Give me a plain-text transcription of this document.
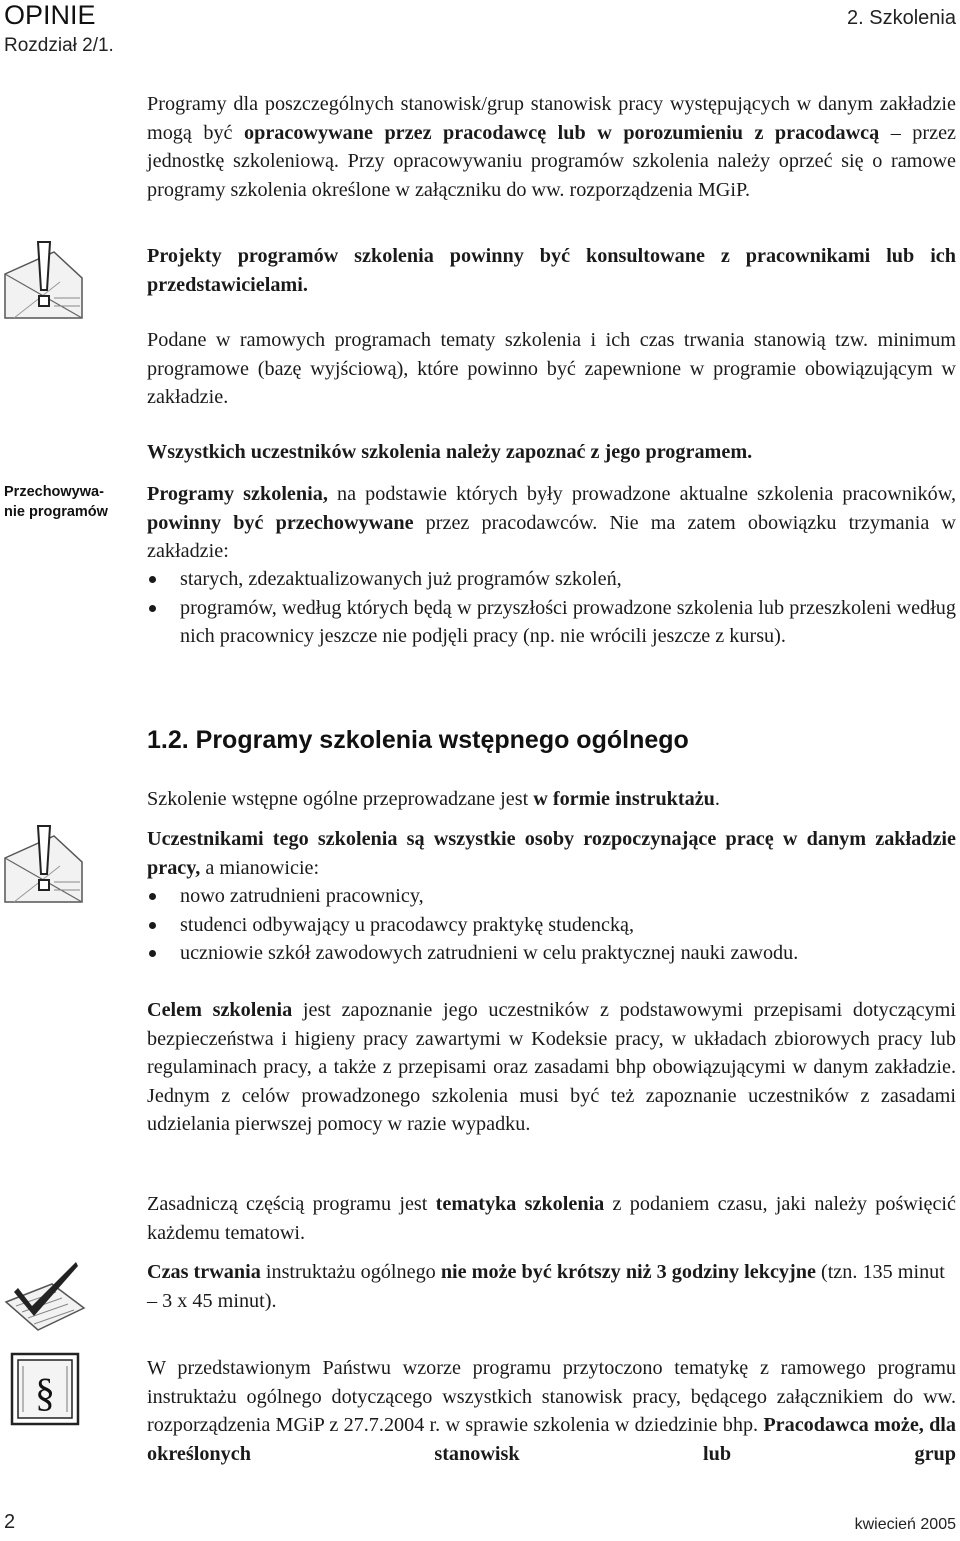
OPINIE
Rozdział 2/1.
2. Szkolenia

Programy dla poszczególnych stanowisk/grup stanowisk pracy występujących w danym zakładzie mogą być opracowywane przez pracodawcę lub w porozumieniu z pracodawcą – przez jednostkę szkoleniową. Przy opracowywaniu programów szkolenia należy oprzeć się o ramowe programy szkolenia określone w załączniku do ww. rozporządzenia MGiP.

Projekty programów szkolenia powinny być konsultowane z pracownikami lub ich przedstawicielami.

Podane w ramowych programach tematy szkolenia i ich czas trwania stanowią tzw. minimum programowe (bazę wyjściową), które powinno być zapewnione w programie obowiązującym w zakładzie.

Wszystkich uczestników szkolenia należy zapoznać z jego programem.

Przechowywa-
nie programów

Programy szkolenia, na podstawie których były prowadzone aktualne szkolenia pracowników, powinny być przechowywane przez pracodawców. Nie ma zatem obowiązku trzymania w zakładzie:

starych, zdezaktualizowanych już programów szkoleń,
programów, według których będą w przyszłości prowadzone szkolenia lub przeszkoleni według nich pracownicy jeszcze nie podjęli pracy (np. nie wrócili jeszcze z kursu).
1.2. Programy szkolenia wstępnego ogólnego

Szkolenie wstępne ogólne przeprowadzane jest w formie instruktażu.

Uczestnikami tego szkolenia są wszystkie osoby rozpoczynające pracę w danym zakładzie pracy, a mianowicie:

nowo zatrudnieni pracownicy,
studenci odbywający u pracodawcy praktykę studencką,
uczniowie szkół zawodowych zatrudnieni w celu praktycznej nauki zawodu.

Celem szkolenia jest zapoznanie jego uczestników z podstawowymi przepisami dotyczącymi bezpieczeństwa i higieny pracy zawartymi w Kodeksie pracy, w układach zbiorowych pracy lub regulaminach pracy, a także z przepisami oraz zasadami bhp obowiązującymi w danym zakładzie. Jednym z celów prowadzonego szkolenia musi być też zapoznanie uczestników z zasadami udzielania pierwszej pomocy w razie wypadku.

Zasadniczą częścią programu jest tematyka szkolenia z podaniem czasu, jaki należy poświęcić każdemu tematowi.

Czas trwania instruktażu ogólnego nie może być krótszy niż 3 godziny lekcyjne (tzn. 135 minut – 3 x 45 minut).

§

W przedstawionym Państwu wzorze programu przytoczono tematykę z ramowego programu instruktażu ogólnego dotyczącego wszystkich stanowisk pracy, będącego załącznikiem do ww. rozporządzenia MGiP z 27.7.2004 r. w sprawie szkolenia w dziedzinie bhp. Pracodawca może, dla określonych stanowisk lub grup

2	kwiecień 2005
